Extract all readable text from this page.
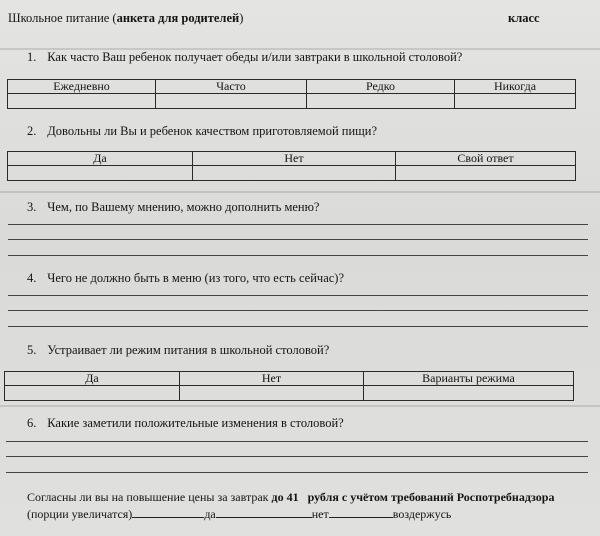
Школьное питание (анкета для родителей)	класс
1. Как часто Ваш ребенок получает обеды и/или завтраки в школьной столовой?
Ежедневно	Часто	Редко	Никогда

2. Довольны ли Вы и ребенок качеством приготовляемой пищи?
Да	Нет	Свой ответ

3. Чем, по Вашему мнению, можно дополнить меню?
4. Чего не должно быть в меню (из того, что есть сейчас)?
5. Устраивает ли режим питания в школьной столовой?
Да	Нет	Варианты режима

6. Какие заметили положительные изменения в столовой?
Согласны ли вы на повышение цены за завтрак до 41 рубля с учётом требований Роспотребнадзора
(порции увеличатся)	да	нет	воздержусь
